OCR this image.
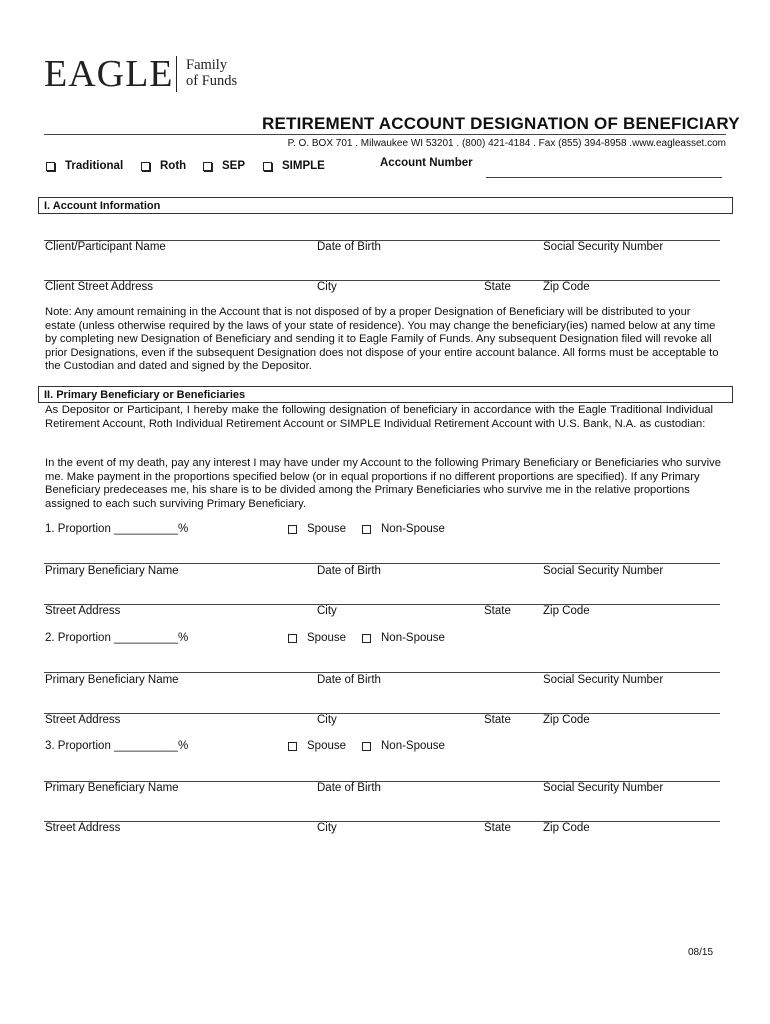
EAGLE Family
of Funds
RETIREMENT ACCOUNT DESIGNATION OF BENEFICIARY
P. O. BOX 701 . Milwaukee WI 53201 . (800) 421-4184 . Fax (855) 394-8958 .www.eagleasset.com
Traditional	Roth	SEP	SIMPLE	Account Number
I. Account Information
Client/Participant Name	Date of Birth	Social Security Number
Client Street Address	City	State	Zip Code
Note: Any amount remaining in the Account that is not disposed of by a proper Designation of Beneficiary will be distributed to your estate (unless otherwise required by the laws of your state of residence). You may change the beneficiary(ies) named below at any time by completing new Designation of Beneficiary and sending it to Eagle Family of Funds. Any subsequent Designation filed will revoke all prior Designations, even if the subsequent Designation does not dispose of your entire account balance. All forms must be acceptable to the Custodian and dated and signed by the Depositor.
II. Primary Beneficiary or Beneficiaries
As Depositor or Participant, I hereby make the following designation of beneficiary in accordance with the Eagle Traditional Individual Retirement Account, Roth Individual Retirement Account or SIMPLE Individual Retirement Account with U.S. Bank, N.A. as custodian:
In the event of my death, pay any interest I may have under my Account to the following Primary Beneficiary or Beneficiaries who survive me. Make payment in the proportions specified below (or in equal proportions if no different proportions are specified). If any Primary Beneficiary predeceases me, his share is to be divided among the Primary Beneficiaries who survive me in the relative proportions assigned to each such surviving Primary Beneficiary.
1. Proportion __________%	Spouse	Non-Spouse
Primary Beneficiary Name	Date of Birth	Social Security Number
Street Address	City	State	Zip Code
2. Proportion __________%	Spouse	Non-Spouse
Primary Beneficiary Name	Date of Birth	Social Security Number
Street Address	City	State	Zip Code
3. Proportion __________%	Spouse	Non-Spouse
Primary Beneficiary Name	Date of Birth	Social Security Number
Street Address	City	State	Zip Code
08/15
